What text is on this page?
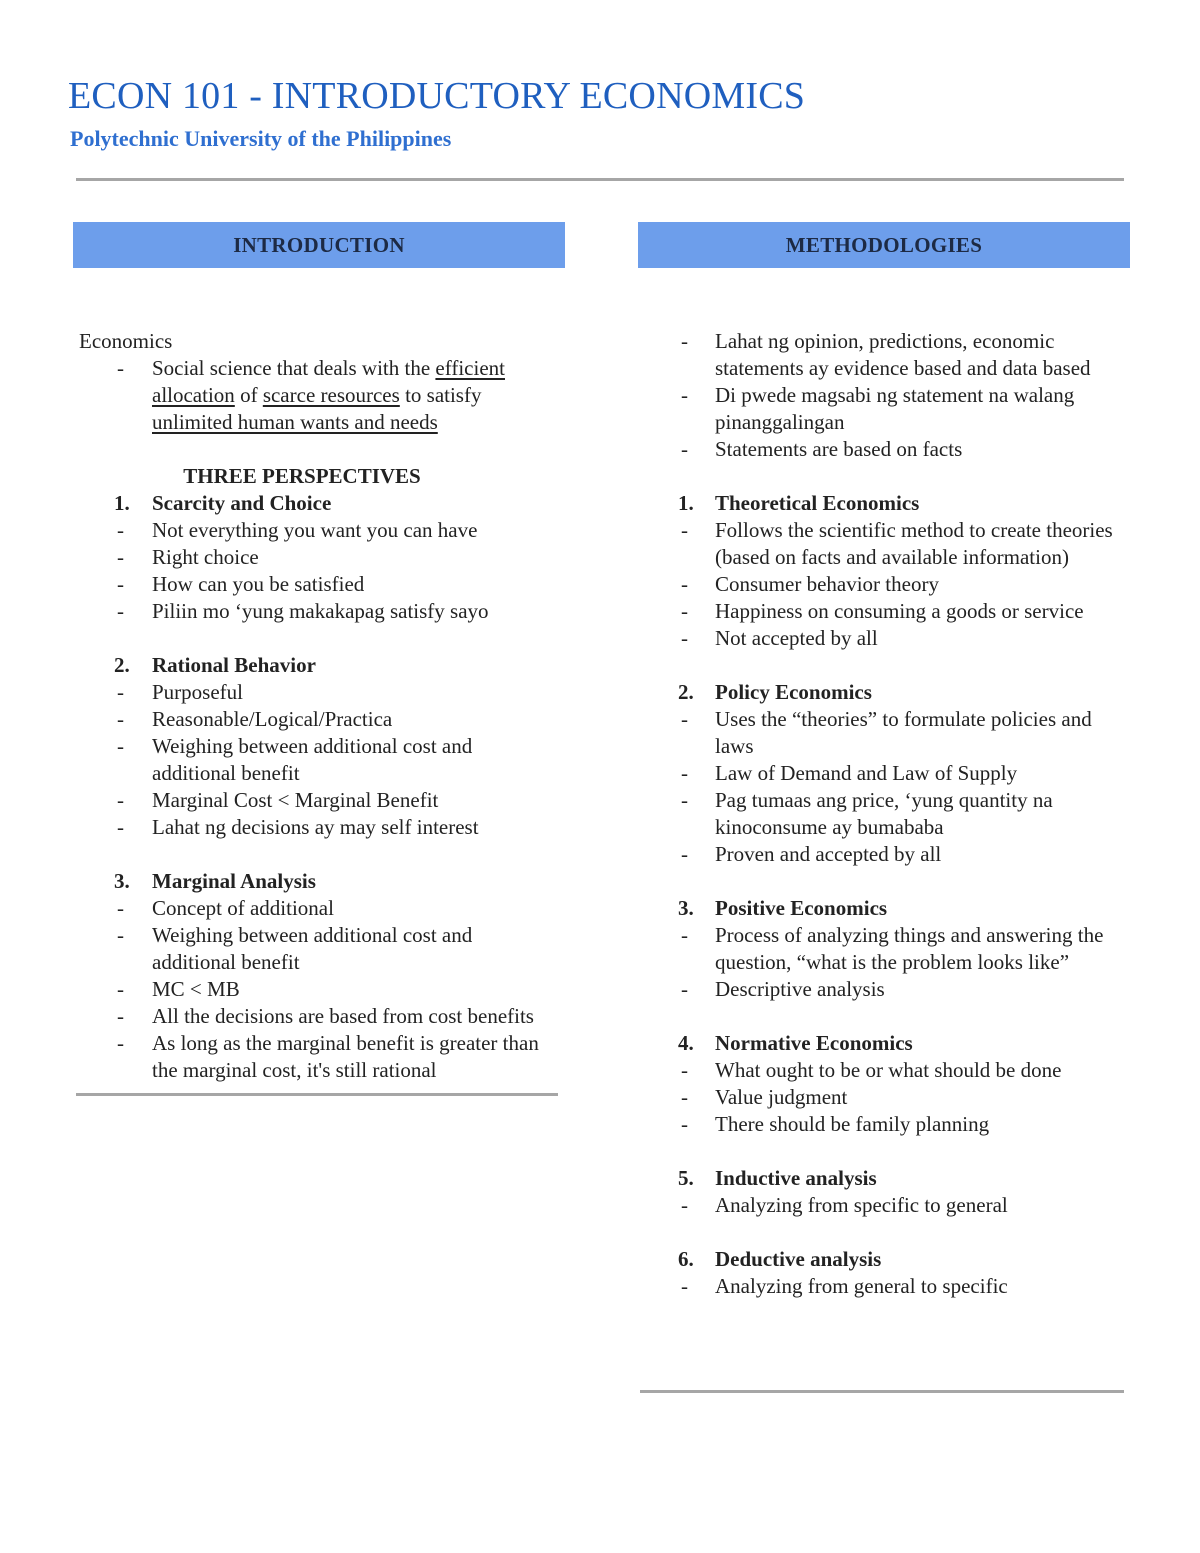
ECON 101 - INTRODUCTORY ECONOMICS
Polytechnic University of the Philippines
INTRODUCTION
Economics
- Social science that deals with the efficient allocation of scarce resources to satisfy unlimited human wants and needs
THREE PERSPECTIVES
1. Scarcity and Choice
- Not everything you want you can have
- Right choice
- How can you be satisfied
- Piliin mo ‘yung makakapag satisfy sayo
2. Rational Behavior
- Purposeful
- Reasonable/Logical/Practica
- Weighing between additional cost and additional benefit
- Marginal Cost < Marginal Benefit
- Lahat ng decisions ay may self interest
3. Marginal Analysis
- Concept of additional
- Weighing between additional cost and additional benefit
- MC < MB
- All the decisions are based from cost benefits
- As long as the marginal benefit is greater than the marginal cost, it's still rational
METHODOLOGIES
- Lahat ng opinion, predictions, economic statements ay evidence based and data based
- Di pwede magsabi ng statement na walang pinanggalingan
- Statements are based on facts
1. Theoretical Economics
- Follows the scientific method to create theories (based on facts and available information)
- Consumer behavior theory
- Happiness on consuming a goods or service
- Not accepted by all
2. Policy Economics
- Uses the “theories” to formulate policies and laws
- Law of Demand and Law of Supply
- Pag tumaas ang price, ‘yung quantity na kinoconsume ay bumababa
- Proven and accepted by all
3. Positive Economics
- Process of analyzing things and answering the question, “what is the problem looks like”
- Descriptive analysis
4. Normative Economics
- What ought to be or what should be done
- Value judgment
- There should be family planning
5. Inductive analysis
- Analyzing from specific to general
6. Deductive analysis
- Analyzing from general to specific
